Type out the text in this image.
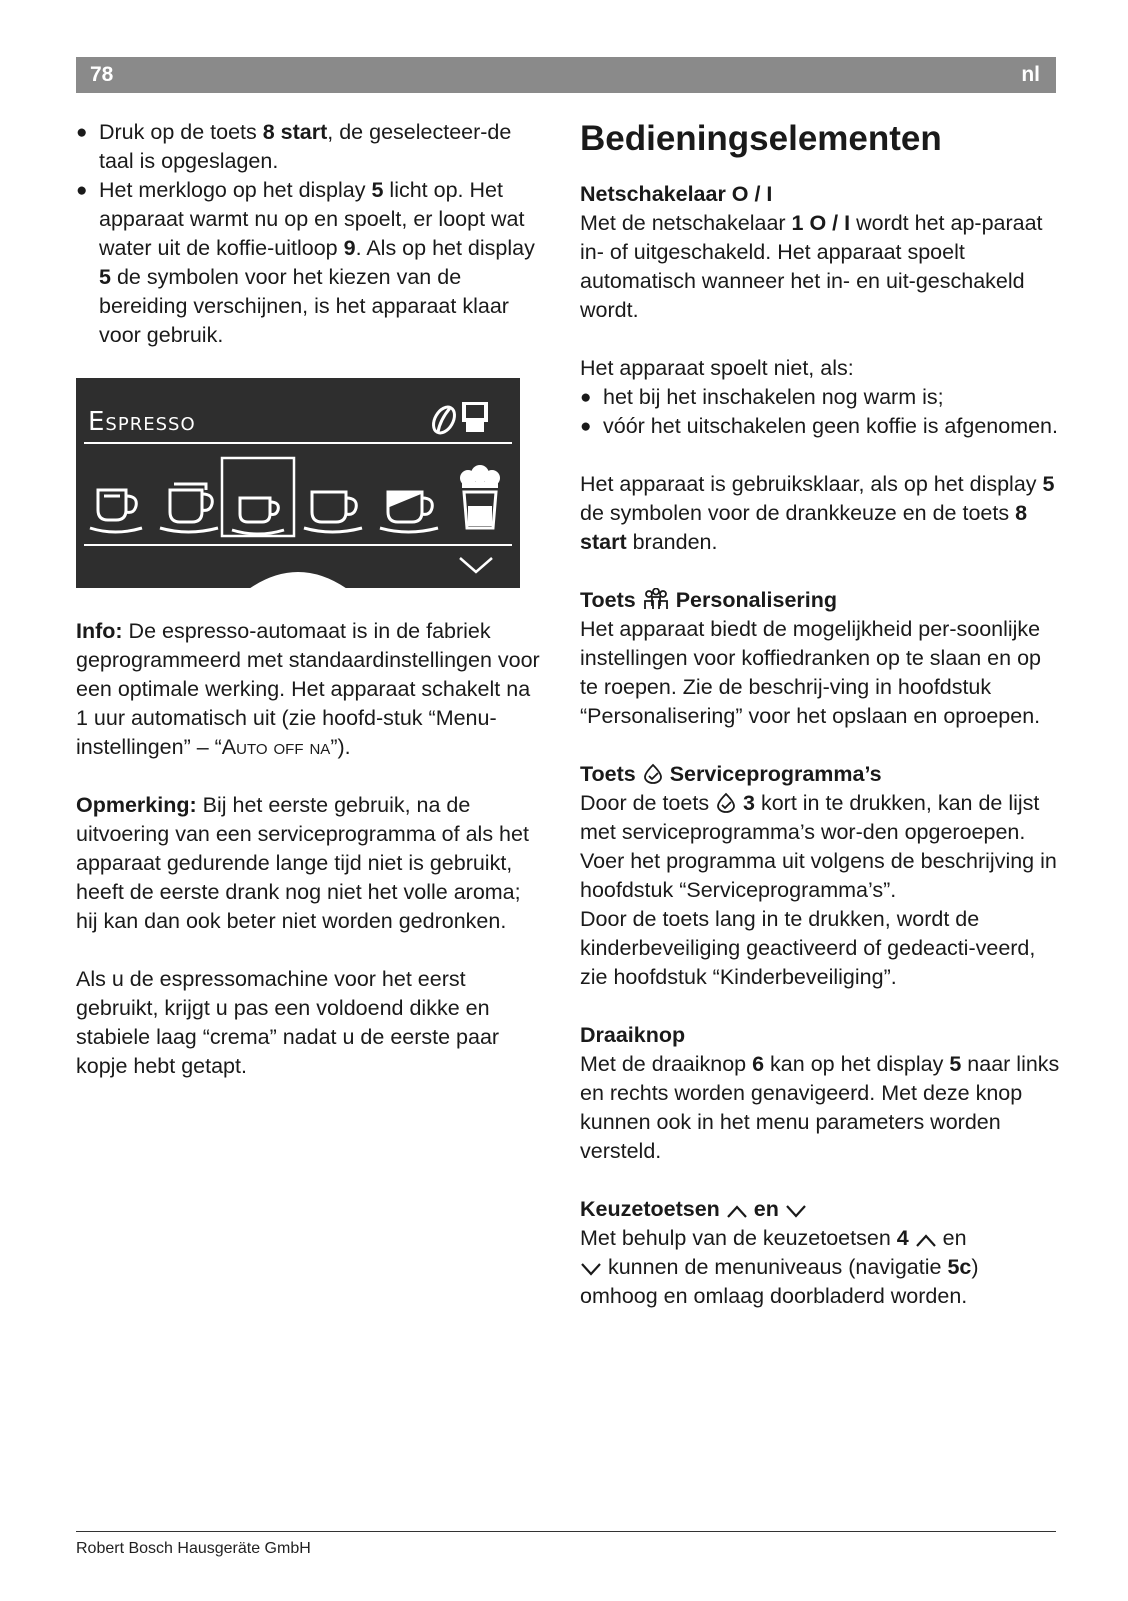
78	nl
● Druk op de toets 8 start, de geselecteer-de taal is opgeslagen.
● Het merklogo op het display 5 licht op. Het apparaat warmt nu op en spoelt, er loopt wat water uit de koffie-uitloop 9. Als op het display 5 de symbolen voor het kiezen van de bereiding verschijnen, is het apparaat klaar voor gebruik.
Espresso

Info: De espresso-automaat is in de fabriek geprogrammeerd met standaardinstellingen voor een optimale werking. Het apparaat schakelt na 1 uur automatisch uit (zie hoofd-stuk “Menu-instellingen” – “Auto off na”).

Opmerking: Bij het eerste gebruik, na de uitvoering van een serviceprogramma of als het apparaat gedurende lange tijd niet is gebruikt, heeft de eerste drank nog niet het volle aroma; hij kan dan ook beter niet worden gedronken.

Als u de espressomachine voor het eerst gebruikt, krijgt u pas een voldoend dikke en stabiele laag “crema” nadat u de eerste paar kopje hebt getapt.

Bedieningselementen
Netschakelaar O / I

Met de netschakelaar 1 O / I wordt het ap-paraat in- of uitgeschakeld. Het apparaat spoelt automatisch wanneer het in- en uit-geschakeld wordt.

Het apparaat spoelt niet, als:

● het bij het inschakelen nog warm is;
● vóór het uitschakelen geen koffie is afgenomen.

Het apparaat is gebruiksklaar, als op het display 5 de symbolen voor de drankkeuze en de toets 8 start branden.

Toets  Personalisering

Het apparaat biedt de mogelijkheid per-soonlijke instellingen voor koffiedranken op te slaan en op te roepen. Zie de beschrij-ving in hoofdstuk “Personalisering” voor het opslaan en oproepen.

Toets  Serviceprogramma’s

Door de toets  3 kort in te drukken, kan de lijst met serviceprogramma’s wor-den opgeroepen. Voer het programma uit volgens de beschrijving in hoofdstuk “Serviceprogramma’s”.

Door de toets lang in te drukken, wordt de kinderbeveiliging geactiveerd of gedeacti-veerd, zie hoofdstuk “Kinderbeveiliging”.

Draaiknop

Met de draaiknop 6 kan op het display 5 naar links en rechts worden genavigeerd. Met deze knop kunnen ook in het menu parameters worden versteld.

Keuzetoetsen  en

Met behulp van de keuzetoetsen 4  en
kunnen de menuniveaus (navigatie 5c) omhoog en omlaag doorbladerd worden.

Robert Bosch Hausgeräte GmbH
